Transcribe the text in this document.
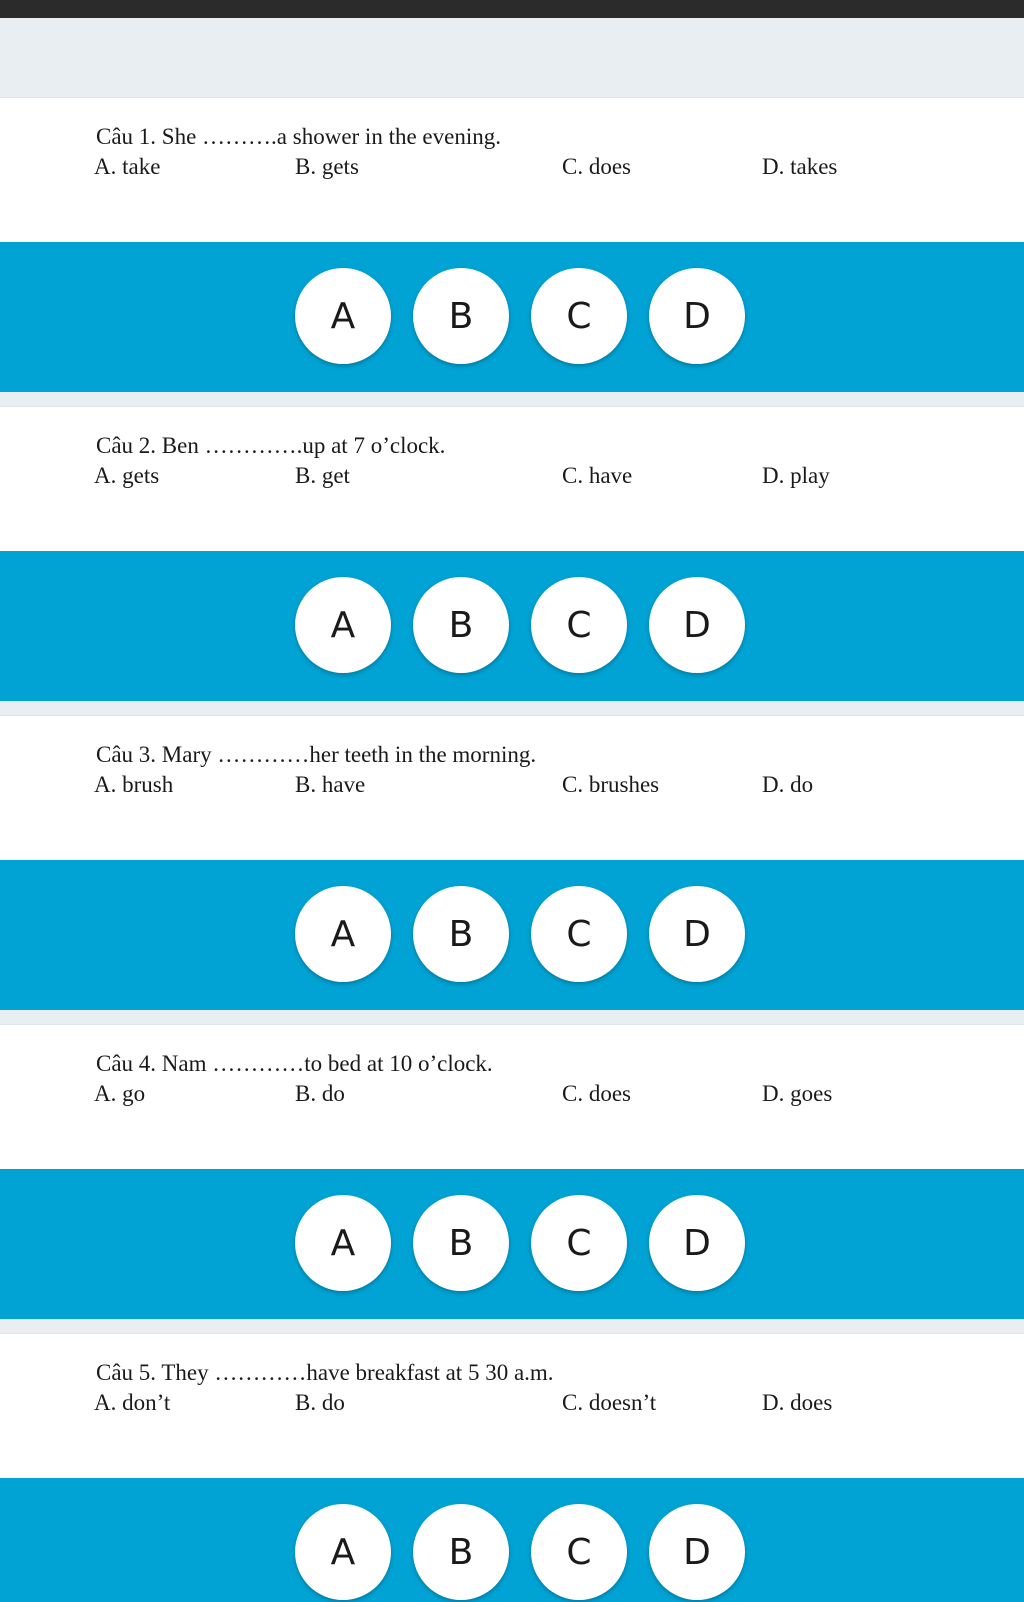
Câu 1. She ……….a shower in the evening.
A. take	B. gets	C. does	D. takes
A	B	C	D
Câu 2. Ben ………….up at 7 o’clock.
A. gets	B. get	C. have	D. play
A	B	C	D
Câu 3. Mary …………her teeth in the morning.
A. brush	B. have	C. brushes	D. do
A	B	C	D
Câu 4. Nam …………to bed at 10 o’clock.
A. go	B. do	C. does	D. goes
A	B	C	D
Câu 5. They …………have breakfast at 5 30 a.m.
A. don’t	B. do	C. doesn’t	D. does
A	B	C	D
